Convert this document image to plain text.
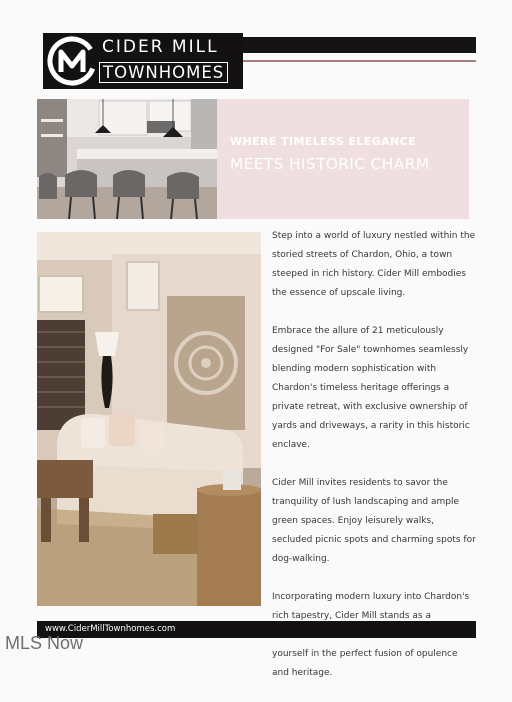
CIDER MILL
TOWNHOMES
WHERE TIMELESS ELEGANCE
MEETS HISTORIC CHARM

Step into a world of luxury nestled within the storied streets of Chardon, Ohio, a town steeped in rich history. Cider Mill embodies the essence of upscale living.

Embrace the allure of 21 meticulously designed "For Sale" townhomes seamlessly blending modern sophistication with Chardon's timeless heritage offerings a private retreat, with exclusive ownership of yards and driveways, a rarity in this historic enclave.

Cider Mill invites residents to savor the tranquility of lush landscaping and ample green spaces. Enjoy leisurely walks, secluded picnic spots and charming spots for dog-walking.

Incorporating modern luxury into Chardon's rich tapestry, Cider Mill stands as a yourself in the perfect fusion of opulence and heritage.

www.CiderMillTownhomes.com
MLS Now
